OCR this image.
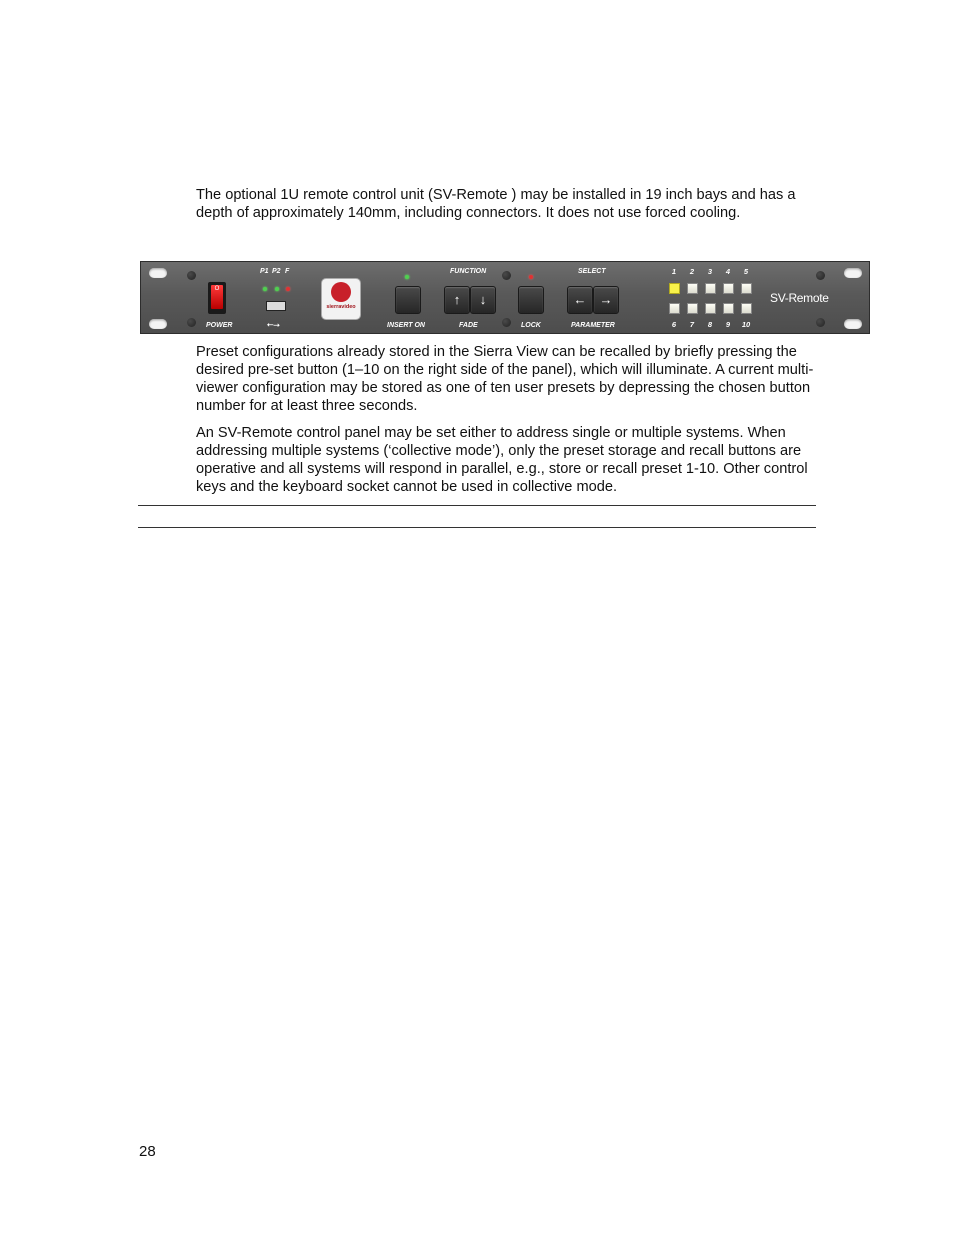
The optional 1U remote control unit (SV-Remote ) may be installed in 19 inch bays and has a depth of approximately 140mm, including connectors. It does not use forced cooling.

O
POWER
P1 P2 F
⭠⭢
sierravideo
INSERT ON
FUNCTION
↑	↓
FADE	LOCK
SELECT
←	→
PARAMETER
SV-Remote
1	2	3	4	5
6	7	8	9	10

Preset configurations already stored in the Sierra View can be recalled by briefly pressing the desired pre-set button (1–10 on the right side of the panel), which will illuminate. A current multi-viewer configuration may be stored as one of ten user presets by depressing the chosen button number for at least three seconds.

An SV-Remote control panel may be set either to address single or multiple systems. When addressing multiple systems (‘collective mode’), only the preset storage and recall buttons are operative and all systems will respond in parallel, e.g., store or recall preset 1-10. Other control keys and the keyboard socket cannot be used in collective mode.

28
